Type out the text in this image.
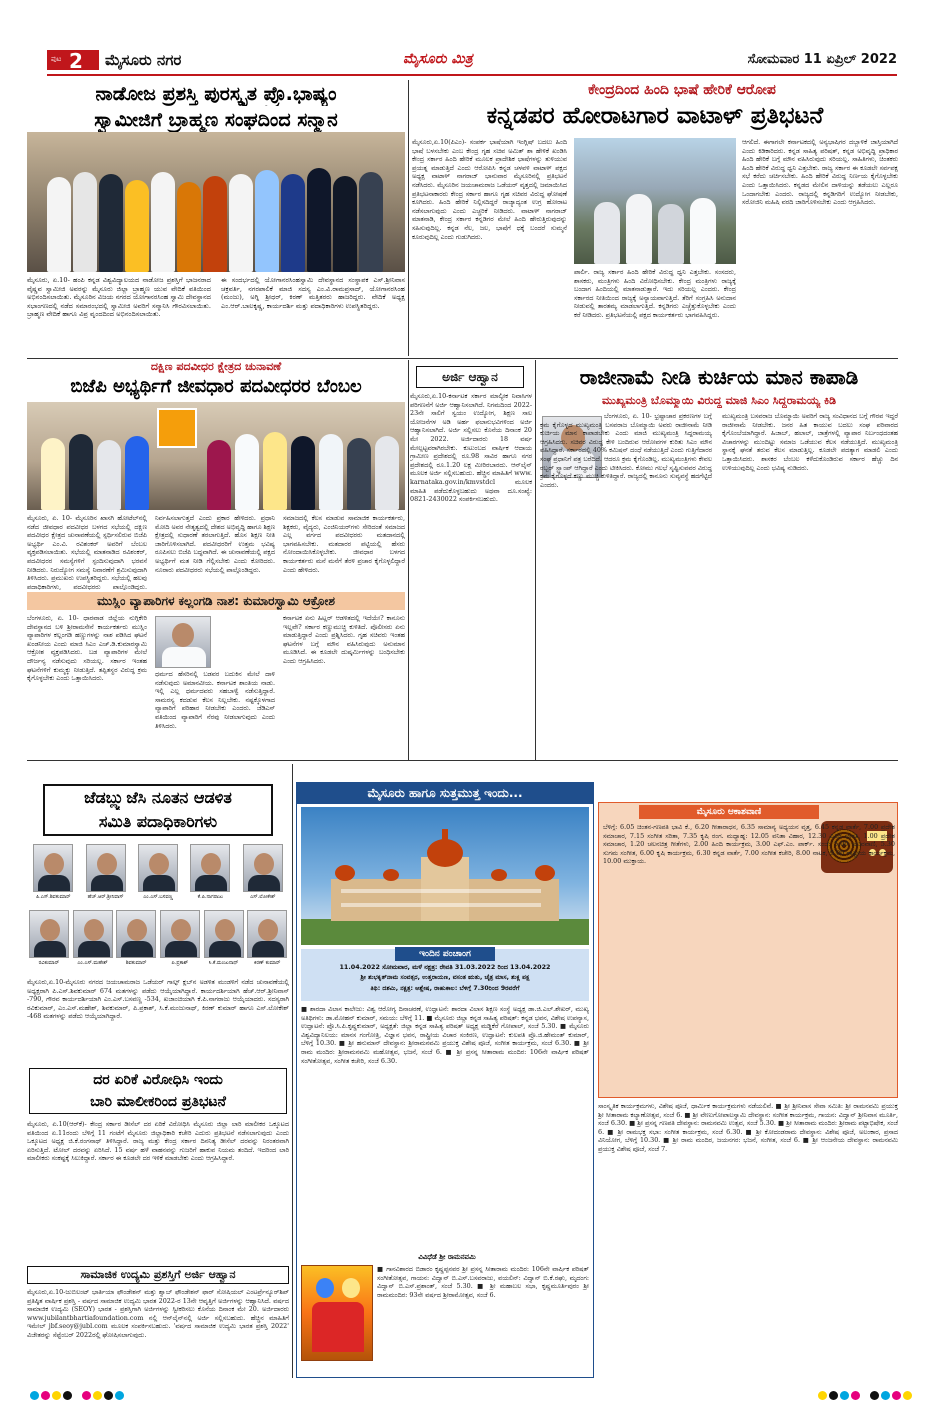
ಪುಟ 2 ಮೈಸೂರು ನಗರ	ಮೈಸೂರು ಮಿತ್ರ	ಸೋಮವಾರ 11 ಏಪ್ರಿಲ್ 2022
ನಾಡೋಜ ಪ್ರಶಸ್ತಿ ಪುರಸ್ಕೃತ ಪ್ರೊ.ಭಾಷ್ಯಂ
ಸ್ವಾಮೀಜಿಗೆ ಬ್ರಾಹ್ಮಣ ಸಂಘದಿಂದ ಸನ್ಮಾನ
ಮೈಸೂರು, ಏ.10- ಹಂಪಿ ಕನ್ನಡ ವಿಶ್ವವಿದ್ಯಾಲಯದ ನಾಡೋಜ ಪ್ರಶಸ್ತಿಗೆ ಭಾಜನರಾದ ವೈಷ್ಣವ ಸ್ವಾಮೀಜಿ ಅವರನ್ನು ಮೈಸೂರು ಜಿಲ್ಲಾ ಬ್ರಾಹ್ಮಣ ಯುವ ವೇದಿಕೆ ವತಿಯಿಂದ ಅಭಿನಂದಿಸಲಾಯಿತು. ಮೈಸೂರಿನ ವಿಜಯ ನಗರದ ಯೋಗಾನರಸಿಂಹ ಸ್ವಾಮಿ ದೇವಸ್ಥಾನದ ಸಭಾಂಗಣದಲ್ಲಿ ನಡೆದ ಸಮಾರಂಭದಲ್ಲಿ ಸ್ವಾಮೀಜಿ ಅವರಿಗೆ ಸನ್ಮಾನಿಸಿ ಗೌರವಿಸಲಾಯಿತು. ಬ್ರಾಹ್ಮಣ ವೇದಿಕೆ ಹಾಗೂ ವಿಪ್ರ ವೃಂದದಿಂದ ಅಭಿನಂದಿಸಲಾಯಿತು.
ಈ ಸಂದರ್ಭದಲ್ಲಿ ಯೋಗಾನರಸಿಂಹಸ್ವಾಮಿ ದೇವಸ್ಥಾನದ ಸಂಸ್ಥಾಪಕ ಎಸ್.ಶ್ರೀನಿವಾಸ ಚಕ್ರವರ್ತಿ, ನಗರಪಾಲಿಕೆ ಮಾಜಿ ಸದಸ್ಯ ಎಂ.ವಿ.ರಾಮಪ್ರಸಾದ್, ಯೋಗಾನರಸಿಂಹ (ಮಂಜು), ಅಗ್ನಿ ಶ್ರೀಧರ್, ಕಿರಣ್ ಮತ್ತಿತರರು ಹಾಜರಿದ್ದರು. ವೇದಿಕೆ ಅಧ್ಯಕ್ಷ ಎಂ.ಆರ್.ಬಾಲಕೃಷ್ಣ, ಕಾರ್ಯದರ್ಶಿ ಮತ್ತು ಪದಾಧಿಕಾರಿಗಳು ಉಪಸ್ಥಿತರಿದ್ದರು.
ಕೇಂದ್ರದಿಂದ ಹಿಂದಿ ಭಾಷೆ ಹೇರಿಕೆ ಆರೋಪ
ಕನ್ನಡಪರ ಹೋರಾಟಗಾರ ವಾಟಾಳ್ ಪ್ರತಿಭಟನೆ
ಮೈಸೂರು,ಏ.10(ಪಿಎಂ)- ಸಂಪರ್ಕ ಭಾಷೆಯಾಗಿ ಇಂಗ್ಲಿಷ್ ಬದಲು ಹಿಂದಿ ಭಾಷೆ ಬಳಸಬೇಕು ಎಂಬ ಕೇಂದ್ರ ಗೃಹ ಸಚಿವ ಅಮಿತ್ ಶಾ ಹೇಳಿಕೆ ಖಂಡಿಸಿ ಕೇಂದ್ರ ಸರ್ಕಾರ ಹಿಂದಿ ಹೇರಿಕೆ ಮೂಲಕ ಪ್ರಾದೇಶಿಕ ಭಾಷೆಗಳನ್ನು ತುಳಿಯುವ ಪ್ರಯತ್ನ ಮಾಡುತ್ತಿದೆ ಎಂದು ಆರೋಪಿಸಿ ಕನ್ನಡ ಚಳವಳಿ ವಾಟಾಳ್ ಪಕ್ಷದ ಅಧ್ಯಕ್ಷ ವಾಟಾಳ್ ನಾಗರಾಜ್ ಭಾನುವಾರ ಮೈಸೂರಿನಲ್ಲಿ ಪ್ರತಿಭಟನೆ ನಡೆಸಿದರು. ಮೈಸೂರಿನ ಜಯಚಾಮರಾಜ ಒಡೆಯರ್ ವೃತ್ತದಲ್ಲಿ ಜಮಾಯಿಸಿದ ಪ್ರತಿಭಟನಾಕಾರರು ಕೇಂದ್ರ ಸರ್ಕಾರ ಹಾಗೂ ಗೃಹ ಸಚಿವರ ವಿರುದ್ಧ ಘೋಷಣೆ ಕೂಗಿದರು. ಹಿಂದಿ ಹೇರಿಕೆ ನಿಲ್ಲಿಸದಿದ್ದರೆ ರಾಜ್ಯಾದ್ಯಂತ ಉಗ್ರ ಹೋರಾಟ ನಡೆಸಲಾಗುವುದು ಎಂದು ಎಚ್ಚರಿಕೆ ನೀಡಿದರು. ವಾಟಾಳ್ ನಾಗರಾಜ್ ಮಾತನಾಡಿ, ಕೇಂದ್ರ ಸರ್ಕಾರ ಕನ್ನಡಿಗರ ಮೇಲೆ ಹಿಂದಿ ಹೇರುತ್ತಿರುವುದನ್ನು ಸಹಿಸುವುದಿಲ್ಲ. ಕನ್ನಡ ನೆಲ, ಜಲ, ಭಾಷೆಗೆ ಧಕ್ಕೆ ಬಂದರೆ ಸುಮ್ಮನೆ ಕೂರುವುದಿಲ್ಲ ಎಂದು ಗುಡುಗಿದರು.
ಪಾರ್ಲಿ. ರಾಜ್ಯ ಸರ್ಕಾರ ಹಿಂದಿ ಹೇರಿಕೆ ವಿರುದ್ಧ ಧ್ವನಿ ಎತ್ತಬೇಕು. ಸಂಸದರು, ಶಾಸಕರು, ಮಂತ್ರಿಗಳು ಹಿಂದಿ ವಿರೋಧಿಸಬೇಕು. ಕೇಂದ್ರ ಮಂತ್ರಿಗಳು ರಾಜ್ಯಕ್ಕೆ ಬಂದಾಗ ಹಿಂದಿಯಲ್ಲಿ ಮಾತನಾಡುತ್ತಾರೆ. ಇದು ಸರಿಯಲ್ಲ ಎಂದರು. ಕೇಂದ್ರ ಸರ್ಕಾರದ ನೀತಿಯಿಂದ ರಾಜ್ಯಕ್ಕೆ ಅನ್ಯಾಯವಾಗುತ್ತಿದೆ. ತೆರಿಗೆ ಸಂಗ್ರಹಿಸಿ ಅನುದಾನ ನೀಡುವಲ್ಲಿ ತಾರತಮ್ಯ ಮಾಡಲಾಗುತ್ತಿದೆ. ಕನ್ನಡಿಗರು ಎಚ್ಚೆತ್ತುಕೊಳ್ಳಬೇಕು ಎಂದು ಕರೆ ನೀಡಿದರು. ಪ್ರತಿಭಟನೆಯಲ್ಲಿ ಪಕ್ಷದ ಕಾರ್ಯಕರ್ತರು ಭಾಗವಹಿಸಿದ್ದರು.
ಆಗಲಿದೆ. ಈಗಾಗಲೇ ಕರ್ನಾಟಕದಲ್ಲಿ ಅನ್ಯಭಾಷಿಗರ ದಬ್ಬಾಳಿಕೆ ಜಾಸ್ತಿಯಾಗಿದೆ ಎಂದು ಕಿಡಿಕಾರಿದರು. ಕನ್ನಡ ಸಾಹಿತ್ಯ ಪರಿಷತ್, ಕನ್ನಡ ಅಭಿವೃದ್ಧಿ ಪ್ರಾಧಿಕಾರ ಹಿಂದಿ ಹೇರಿಕೆ ಬಗ್ಗೆ ಮೌನ ವಹಿಸಿರುವುದು ಸರಿಯಲ್ಲ. ಸಾಹಿತಿಗಳು, ಚಿಂತಕರು ಹಿಂದಿ ಹೇರಿಕೆ ವಿರುದ್ಧ ಧ್ವನಿ ಎತ್ತಬೇಕು. ರಾಜ್ಯ ಸರ್ಕಾರ ಈ ಕೂಡಲೇ ಸರ್ವಪಕ್ಷ ಸಭೆ ಕರೆದು ಚರ್ಚಿಸಬೇಕು. ಹಿಂದಿ ಹೇರಿಕೆ ವಿರುದ್ಧ ನಿರ್ಣಯ ಕೈಗೊಳ್ಳಬೇಕು ಎಂದು ಒತ್ತಾಯಿಸಿದರು. ಕನ್ನಡದ ಮೇಲಿನ ದಾಳಿಯನ್ನು ತಡೆಯಲು ಎಲ್ಲರೂ ಒಂದಾಗಬೇಕು ಎಂದರು. ರಾಜ್ಯದಲ್ಲಿ ಕನ್ನಡಿಗರಿಗೆ ಉದ್ಯೋಗ ನೀಡಬೇಕು, ಸರೋಜಿನಿ ಮಹಿಷಿ ವರದಿ ಜಾರಿಗೊಳಿಸಬೇಕು ಎಂದು ಆಗ್ರಹಿಸಿದರು.
ದಕ್ಷಿಣ ಪದವೀಧರ ಕ್ಷೇತ್ರದ ಚುನಾವಣೆ
ಬಿಜೆಪಿ ಅಭ್ಯರ್ಥಿಗೆ ಜೀವಧಾರ ಪದವೀಧರರ ಬೆಂಬಲ
ಮೈಸೂರು, ಏ. 10- ಮೈಸೂರಿನ ಖಾಸಗಿ ಹೋಟೆಲ್‌ನಲ್ಲಿ ನಡೆದ ಜೀವಧಾರ ಪದವೀಧರ ಬಳಗದ ಸಭೆಯಲ್ಲಿ ದಕ್ಷಿಣ ಪದವೀಧರ ಕ್ಷೇತ್ರದ ಚುನಾವಣೆಯಲ್ಲಿ ಸ್ಪರ್ಧಿಸಲಿರುವ ಬಿಜೆಪಿ ಅಭ್ಯರ್ಥಿ ಎಂ.ವಿ. ರವಿಶಂಕರ್ ಅವರಿಗೆ ಬೆಂಬಲ ವ್ಯಕ್ತಪಡಿಸಲಾಯಿತು. ಸಭೆಯಲ್ಲಿ ಮಾತನಾಡಿದ ರವಿಶಂಕರ್, ಪದವೀಧರರ ಸಮಸ್ಯೆಗಳಿಗೆ ಸ್ಪಂದಿಸುವುದಾಗಿ ಭರವಸೆ ನೀಡಿದರು. ನಿರುದ್ಯೋಗ ಸಮಸ್ಯೆ ನಿವಾರಣೆಗೆ ಶ್ರಮಿಸುವುದಾಗಿ ತಿಳಿಸಿದರು. ಪ್ರಮುಖರು ಉಪಸ್ಥಿತರಿದ್ದರು. ಸಭೆಯಲ್ಲಿ ಹಲವು ಪದಾಧಿಕಾರಿಗಳು, ಪದವೀಧರರು ಪಾಲ್ಗೊಂಡಿದ್ದರು.
ನಿರ್ವಹಿಸಲಾಗುತ್ತದೆ ಎಂದು ಪ್ರಕಾರ ಹೇಳಿದರು. ಪ್ರಧಾನಿ ಮೋದಿ ಅವರ ನೇತೃತ್ವದಲ್ಲಿ ದೇಶದ ಅಭಿವೃದ್ಧಿ ಹಾಗೂ ಶಿಕ್ಷಣ ಕ್ಷೇತ್ರದಲ್ಲಿ ಸುಧಾರಣೆ ತರಲಾಗುತ್ತಿದೆ. ಹೊಸ ಶಿಕ್ಷಣ ನೀತಿ ಜಾರಿಗೊಳಿಸಲಾಗಿದೆ. ಪದವೀಧರರಿಗೆ ಉತ್ತಮ ಭವಿಷ್ಯ ರೂಪಿಸಲು ಬಿಜೆಪಿ ಬದ್ಧವಾಗಿದೆ. ಈ ಚುನಾವಣೆಯಲ್ಲಿ ಪಕ್ಷದ ಅಭ್ಯರ್ಥಿಗೆ ಮತ ನೀಡಿ ಗೆಲ್ಲಿಸಬೇಕು ಎಂದು ಕೋರಿದರು. ನೂರಾರು ಪದವೀಧರರು ಸಭೆಯಲ್ಲಿ ಪಾಲ್ಗೊಂಡಿದ್ದರು.
ಸಮಾಜದಲ್ಲಿ ಕೆಲಸ ಮಾಡುವ ಸಾಮಾಜಿಕ ಕಾರ್ಯಕರ್ತರು, ಶಿಕ್ಷಕರು, ವೈದ್ಯರು, ಎಂಜಿನಿಯರ್‌ಗಳು ಸೇರಿದಂತೆ ಸಮಾಜದ ಎಲ್ಲ ವರ್ಗದ ಪದವೀಧರರು ಮತದಾನದಲ್ಲಿ ಭಾಗವಹಿಸಬೇಕು. ಮತದಾರರ ಪಟ್ಟಿಯಲ್ಲಿ ಹೆಸರು ನೋಂದಾಯಿಸಿಕೊಳ್ಳಬೇಕು. ಜೀವಧಾರ ಬಳಗದ ಕಾರ್ಯಕರ್ತರು ಮನೆ ಮನೆಗೆ ತೆರಳಿ ಪ್ರಚಾರ ಕೈಗೊಳ್ಳಲಿದ್ದಾರೆ ಎಂದು ಹೇಳಿದರು.
ಅರ್ಜಿ ಆಹ್ವಾನ
ಮೈಸೂರು,ಏ.10-ಕರ್ನಾಟಕ ಸರ್ಕಾರ ಮಾಲ್ಯೀಕ ನಿವಾಸಿಗಳ ಪರಿಗಣನೆಗೆ ಅರ್ಜಿ ಆಹ್ವಾನಿಸಲಾಗಿದೆ. ನಿಗಮದಿಂದ 2022-23ನೇ ಸಾಲಿಗೆ ಸ್ವಯಂ ಉದ್ಯೋಗ, ಶಿಕ್ಷಣ ಸಾಲ ಯೋಜನೆಗಳ ಅಡಿ ಅರ್ಹ ಫಲಾನುಭವಿಗಳಿಂದ ಅರ್ಜಿ ಆಹ್ವಾನಿಸಲಾಗಿದೆ. ಅರ್ಜಿ ಸಲ್ಲಿಸಲು ಕೊನೆಯ ದಿನಾಂಕ 20 ಮೇ 2022. ಅರ್ಜಿದಾರರು 18 ವರ್ಷ ಮೇಲ್ಪಟ್ಟವರಾಗಿರಬೇಕು. ಕುಟುಂಬದ ವಾರ್ಷಿಕ ಆದಾಯ ಗ್ರಾಮೀಣ ಪ್ರದೇಶದಲ್ಲಿ ರೂ.98 ಸಾವಿರ ಹಾಗೂ ನಗರ ಪ್ರದೇಶದಲ್ಲಿ ರೂ.1.20 ಲಕ್ಷ ಮೀರಿರಬಾರದು. ಆನ್‌ಲೈನ್ ಮೂಲಕ ಅರ್ಜಿ ಸಲ್ಲಿಸಬಹುದು. ಹೆಚ್ಚಿನ ಮಾಹಿತಿಗೆ www. karnataka.gov.in/kmvstdcl ಮೂಲಕ ಮಾಹಿತಿ ಪಡೆದುಕೊಳ್ಳಬಹುದು ಅಥವಾ ದೂ.ಸಂಖ್ಯೆ: 0821-2430022 ಸಂಪರ್ಕಿಸಬಹುದು.
ರಾಜೀನಾಮೆ ನೀಡಿ ಕುರ್ಚಿಯ ಮಾನ ಕಾಪಾಡಿ
ಮುಖ್ಯಮಂತ್ರಿ ಬೊಮ್ಮಾಯಿ ವಿರುದ್ಧ ಮಾಜಿ ಸಿಎಂ ಸಿದ್ದರಾಮಯ್ಯ ಕಿಡಿ
ಬೆಂಗಳೂರು, ಏ. 10- ಭ್ರಷ್ಟಾಚಾರ ಪ್ರಕರಣಗಳ ಬಗ್ಗೆ ಕ್ರಮ ಕೈಗೊಳ್ಳದ ಮುಖ್ಯಮಂತ್ರಿ ಬಸವರಾಜ ಬೊಮ್ಮಾಯಿ ಅವರು ರಾಜೀನಾಮೆ ನೀಡಿ ಕುರ್ಚಿಯ ಮಾನ ಕಾಪಾಡಬೇಕು ಎಂದು ಮಾಜಿ ಮುಖ್ಯಮಂತ್ರಿ ಸಿದ್ದರಾಮಯ್ಯ ಆಗ್ರಹಿಸಿದರು. ಸಚಿವರ ವಿರುದ್ಧ ಕೇಳಿ ಬಂದಿರುವ ಆರೋಪಗಳ ಕುರಿತು ಸಿಎಂ ಮೌನ ವಹಿಸಿದ್ದಾರೆ. ಸರ್ಕಾರದಲ್ಲಿ 40% ಕಮಿಷನ್ ದಂಧೆ ನಡೆಯುತ್ತಿದೆ ಎಂದು ಗುತ್ತಿಗೆದಾರರ ಸಂಘ ಪ್ರಧಾನಿಗೆ ಪತ್ರ ಬರೆದಿದೆ. ಆದರೂ ಕ್ರಮ ಕೈಗೊಂಡಿಲ್ಲ. ಮುಖ್ಯಮಂತ್ರಿಗಳು ಕೇವಲ ರಬ್ಬರ್ ಸ್ಟ್ಯಾಂಪ್ ಆಗಿದ್ದಾರೆ ಎಂದು ಟೀಕಿಸಿದರು. ಕೋಮು ಗಲಭೆ ಸೃಷ್ಟಿಸುವವರ ವಿರುದ್ಧ ಕ್ರಮ ಕೈಗೊಳ್ಳದೆ ಕಣ್ಣು ಮುಚ್ಚಿ ಕುಳಿತಿದ್ದಾರೆ. ರಾಜ್ಯದಲ್ಲಿ ಕಾನೂನು ಸುವ್ಯವಸ್ಥೆ ಹದಗೆಟ್ಟಿದೆ ಎಂದರು.
ಮುಖ್ಯಮಂತ್ರಿ ಬಸವರಾಜ ಬೊಮ್ಮಾಯಿ ಅವರಿಗೆ ರಾಜ್ಯ ಸಂವಿಧಾನದ ಬಗ್ಗೆ ಗೌರವ ಇದ್ದರೆ ರಾಜೀನಾಮೆ ನೀಡಬೇಕು. ಜನರ ಹಿತ ಕಾಯುವ ಬದಲು ಸಂಘ ಪರಿವಾರದ ಕೈಗೊಂಬೆಯಾಗಿದ್ದಾರೆ. ಹಿಜಾಬ್, ಹಲಾಲ್, ಜಾತ್ರೆಗಳಲ್ಲಿ ವ್ಯಾಪಾರ ನಿರ್ಬಂಧದಂತಹ ವಿಚಾರಗಳನ್ನು ಮುಂದಿಟ್ಟು ಸಮಾಜ ಒಡೆಯುವ ಕೆಲಸ ನಡೆಯುತ್ತಿದೆ. ಮುಖ್ಯಮಂತ್ರಿ ಸ್ಥಾನಕ್ಕೆ ಘನತೆ ತರುವ ಕೆಲಸ ಮಾಡುತ್ತಿಲ್ಲ. ಕೂಡಲೇ ಪದತ್ಯಾಗ ಮಾಡಲಿ ಎಂದು ಒತ್ತಾಯಿಸಿದರು. ಶಾಸಕರ ಬೆಂಬಲ ಕಳೆದುಕೊಂಡಿರುವ ಸರ್ಕಾರ ಹೆಚ್ಚು ದಿನ ಉಳಿಯುವುದಿಲ್ಲ ಎಂದು ಭವಿಷ್ಯ ನುಡಿದರು.
ಮುಸ್ಲಿಂ ವ್ಯಾಪಾರಿಗಳ ಕಲ್ಲಂಗಡಿ ನಾಶ: ಕುಮಾರಸ್ವಾಮಿ ಆಕ್ರೋಶ
ಬೆಂಗಳೂರು, ಏ. 10- ಧಾರವಾಡ ಜಿಲ್ಲೆಯ ನುಗ್ಗಿಕೇರಿ ದೇವಸ್ಥಾನದ ಬಳಿ ಶ್ರೀರಾಮಸೇನೆ ಕಾರ್ಯಕರ್ತರು ಮುಸ್ಲಿಂ ವ್ಯಾಪಾರಿಗಳ ಕಲ್ಲಂಗಡಿ ಹಣ್ಣುಗಳನ್ನು ನಾಶ ಪಡಿಸಿದ ಘಟನೆ ಖಂಡನೀಯ ಎಂದು ಮಾಜಿ ಸಿಎಂ ಎಚ್.ಡಿ.ಕುಮಾರಸ್ವಾಮಿ ಆಕ್ರೋಶ ವ್ಯಕ್ತಪಡಿಸಿದರು. ಬಡ ವ್ಯಾಪಾರಿಗಳ ಮೇಲೆ ದೌರ್ಜನ್ಯ ನಡೆಸುವುದು ಸರಿಯಲ್ಲ. ಸರ್ಕಾರ ಇಂತಹ ಘಟನೆಗಳಿಗೆ ಕುಮ್ಮಕ್ಕು ನೀಡುತ್ತಿದೆ. ತಪ್ಪಿತಸ್ಥರ ವಿರುದ್ಧ ಕ್ರಮ ಕೈಗೊಳ್ಳಬೇಕು ಎಂದು ಒತ್ತಾಯಿಸಿದರು.
ಧರ್ಮದ ಹೆಸರಿನಲ್ಲಿ ಬಡವರ ಬದುಕಿನ ಮೇಲೆ ದಾಳಿ ನಡೆಸುವುದು ಅಮಾನವೀಯ. ಕರ್ನಾಟಕ ಶಾಂತಿಯ ನಾಡು. ಇಲ್ಲಿ ಎಲ್ಲ ಧರ್ಮದವರು ಸಹಬಾಳ್ವೆ ನಡೆಸುತ್ತಿದ್ದಾರೆ. ಸಾಮರಸ್ಯ ಕದಡುವ ಕೆಲಸ ನಿಲ್ಲಬೇಕು. ನಷ್ಟಕ್ಕೊಳಗಾದ ವ್ಯಾಪಾರಿಗೆ ಪರಿಹಾರ ನೀಡಬೇಕು ಎಂದರು. ಜೆಡಿಎಸ್ ವತಿಯಿಂದ ವ್ಯಾಪಾರಿಗೆ ನೆರವು ನೀಡಲಾಗುವುದು ಎಂದು ತಿಳಿಸಿದರು.
ಕರ್ನಾಟಕ ಏನು ಹಿಟ್ಲರ್ ಆಡಳಿತದಲ್ಲಿ ಇದೆಯೇ? ಕಾನೂನು ಇಲ್ಲವೇ? ಸರ್ಕಾರ ಕಣ್ಣುಮುಚ್ಚಿ ಕುಳಿತಿದೆ. ಪೊಲೀಸರು ಏನು ಮಾಡುತ್ತಿದ್ದಾರೆ ಎಂದು ಪ್ರಶ್ನಿಸಿದರು. ಗೃಹ ಸಚಿವರು ಇಂತಹ ಘಟನೆಗಳ ಬಗ್ಗೆ ಮೌನ ವಹಿಸಿರುವುದು ಅನುಮಾನ ಮೂಡಿಸಿದೆ. ಈ ಕೂಡಲೇ ದುಷ್ಕರ್ಮಿಗಳನ್ನು ಬಂಧಿಸಬೇಕು ಎಂದು ಆಗ್ರಹಿಸಿದರು.
ಜೆಡಬ್ಲ್ಯುಜೆಸಿ ನೂತನ ಆಡಳಿತ
ಸಮಿತಿ ಪದಾಧಿಕಾರಿಗಳು
ಪಿ.ಎಸ್.ಶಿವಕುಮಾರ್	ಹೆಚ್.ಆರ್.ಶ್ರೀನಿವಾಸ್	ಎಂ.ಎಸ್.ಬಸವಣ್ಣ	ಕೆ.ಪಿ.ನಾಗರಾಜು	ಎಸ್.ಲೋಕೇಶ್
ರವಿಕುಮಾರ್	ಎಂ.ಎಸ್.ಮಹೇಶ್	ಶಿವಕುಮಾರ್	ಪಿ.ಪ್ರಕಾಶ್	ಸಿ.ಕೆ.ಮಂಜುನಾಥ್	ಕಿರಣ್ ಕುಮಾರ್
ಮೈಸೂರು,ಏ.10-ಮೈಸೂರು ನಗರದ ಜಯಚಾಮರಾಜ ಒಡೆಯರ್ ಗಾಲ್ಫ್ ಕ್ಲಬ್‌ನ ಅಡಳಿತ ಮಂಡಳಿಗೆ ನಡೆದ ಚುನಾವಣೆಯಲ್ಲಿ ಅಧ್ಯಕ್ಷರಾಗಿ ಪಿ.ಎಸ್.ಶಿವಕುಮಾರ್ 674 ಮತಗಳನ್ನು ಪಡೆದು ಆಯ್ಕೆಯಾಗಿದ್ದಾರೆ. ಕಾರ್ಯದರ್ಶಿಯಾಗಿ ಹೆಚ್.ಆರ್.ಶ್ರೀನಿವಾಸ್ -790, ಗೌರವ ಕಾರ್ಯದರ್ಶಿಯಾಗಿ ಎಂ.ಎಸ್.ಬಸವಣ್ಣ -534, ಖಜಾಂಚಿಯಾಗಿ ಕೆ.ಪಿ.ನಾಗರಾಜು ಆಯ್ಕೆಯಾದರು. ಸದಸ್ಯರಾಗಿ ರವಿಕುಮಾರ್, ಎಂ.ಎಸ್.ಮಹೇಶ್, ಶಿವಕುಮಾರ್, ಪಿ.ಪ್ರಕಾಶ್, ಸಿ.ಕೆ.ಮಂಜುನಾಥ್, ಕಿರಣ್ ಕುಮಾರ್ ಹಾಗೂ ಎಸ್.ಲೋಕೇಶ್ -468 ಮತಗಳನ್ನು ಪಡೆದು ಆಯ್ಕೆಯಾಗಿದ್ದಾರೆ.
ದರ ಏರಿಕೆ ವಿರೋಧಿಸಿ ಇಂದು
ಬಾರಿ ಮಾಲೀಕರಿಂದ ಪ್ರತಿಭಟನೆ
ಮೈಸೂರು, ಏ.10(ಆರ್‌ಕೆ)- ಕೇಂದ್ರ ಸರ್ಕಾರ ಡೀಸೆಲ್ ದರ ಏರಿಕೆ ವಿರೋಧಿಸಿ ಮೈಸೂರು ಜಿಲ್ಲಾ ಲಾರಿ ಮಾಲೀಕರ ಒಕ್ಕೂಟದ ವತಿಯಿಂದ ಏ.11ರಂದು ಬೆಳಿಗ್ಗೆ 11 ಗಂಟೆಗೆ ಮೈಸೂರು ಜಿಲ್ಲಾಧಿಕಾರಿ ಕಚೇರಿ ಎದುರು ಪ್ರತಿಭಟನೆ ನಡೆಸಲಾಗುವುದು ಎಂದು ಒಕ್ಕೂಟದ ಅಧ್ಯಕ್ಷ ಜಿ.ಕೆ.ರಂಗನಾಥ್ ತಿಳಿಸಿದ್ದಾರೆ. ರಾಜ್ಯ ಮತ್ತು ಕೇಂದ್ರ ಸರ್ಕಾರ ದಿನನಿತ್ಯ ಡೀಸೆಲ್ ದರವನ್ನು ನಿರಂತರವಾಗಿ ಏರಿಸುತ್ತಿದೆ. ಟೋಲ್ ದರವನ್ನು ಏರಿಸಿದೆ. 15 ವರ್ಷ ಹಳೆ ವಾಹನವನ್ನು ಗುಜರಿಗೆ ಹಾಕುವ ನಿಯಮ ತಂದಿದೆ. ಇದರಿಂದ ಲಾರಿ ಮಾಲೀಕರು ಸಂಕಷ್ಟಕ್ಕೆ ಸಿಲುಕಿದ್ದಾರೆ. ಸರ್ಕಾರ ಈ ಕೂಡಲೇ ದರ ಇಳಿಕೆ ಮಾಡಬೇಕು ಎಂದು ಆಗ್ರಹಿಸಿದ್ದಾರೆ.
ಸಾಮಾಜಿಕ ಉದ್ಯಮಿ ಪ್ರಶಸ್ತಿಗೆ ಅರ್ಜಿ ಆಹ್ವಾನ
ಮೈಸೂರು,ಏ.10-ಜುಬಿಲಂಟ್ ಭಾರ್ತಿಯಾ ಫೌಂಡೇಶನ್ ಮತ್ತು ಶ್ವಾಬ್ ಫೌಂಡೇಶನ್ ಫಾರ್ ಸೋಷಿಯಲ್ ಎಂಟರ್ಪ್ರೆನ್ಯೂರ್‌ಶಿಪ್ ಪ್ರತಿಷ್ಠಿತ ವಾರ್ಷಿಕ ಪ್ರಶಸ್ತಿ - ವರ್ಷದ ಸಾಮಾಜಿಕ ಉದ್ಯಮಿ ಭಾರತ 2022-ರ 13ನೇ ಆವೃತ್ತಿಗೆ ಅರ್ಜಿಗಳನ್ನು ಆಹ್ವಾನಿಸಿದೆ. ವರ್ಷದ ಸಾಮಾಜಿಕ ಉದ್ಯಮಿ (SEOY) ಭಾರತ - ಪ್ರಶಸ್ತಿಗಾಗಿ ಅರ್ಜಿಗಳನ್ನು ಸ್ವೀಕರಿಸಲು ಕೊನೆಯ ದಿನಾಂಕ ಮೇ 20. ಅರ್ಜಿದಾರರು www.jubilantbhartiafoundation.com ನಲ್ಲಿ ಆನ್‌ಲೈನ್‌ನಲ್ಲಿ ಅರ್ಜಿ ಸಲ್ಲಿಸಬಹುದು. ಹೆಚ್ಚಿನ ಮಾಹಿತಿಗೆ ಇಮೇಲ್ jbf.seoy@jubl.com ಮೂಲಕ ಸಂಪರ್ಕಿಸಬಹುದು. 'ವರ್ಷದ ಸಾಮಾಜಿಕ ಉದ್ಯಮಿ ಭಾರತ ಪ್ರಶಸ್ತಿ 2022' ವಿಜೇತರನ್ನು ಸೆಪ್ಟೆಂಬರ್ 2022ರಲ್ಲಿ ಘೋಷಿಸಲಾಗುವುದು.
ಇಂದಿನ ಪಂಚಾಂಗ
11.04.2022 ಸೋಮವಾರ, ಮಳೆ ನಕ್ಷತ್ರ: ರೇವತಿ 31.03.2022 ರಿಂದ 13.04.2022
ಶ್ರೀ ಶುಭಕೃತ್‌ನಾಮ ಸಂವತ್ಸರ, ಉತ್ತರಾಯಣ, ವಸಂತ ಋತು, ಚೈತ್ರ ಮಾಸ, ಶುಕ್ಲ ಪಕ್ಷ
ತಿಥಿ: ದಶಮಿ, ನಕ್ಷತ್ರ: ಆಶ್ಲೇಷ, ರಾಹುಕಾಲ: ಬೆಳಿಗ್ಗೆ 7.30ರಿಂದ 9ರವರೆಗೆ
■ ಶಾರದಾ ವಿಲಾಸ ಕಾಲೇಜು: ವಿಶ್ವ ಆರೋಗ್ಯ ದಿನಾಚರಣೆ, ಉದ್ಘಾಟನೆ: ಶಾರದಾ ವಿಲಾಸ ಶಿಕ್ಷಣ ಸಂಸ್ಥೆ ಅಧ್ಯಕ್ಷ ಡಾ.ಜಿ.ಎಲ್.ಶೇಖರ್, ಮುಖ್ಯ ಅತಿಥಿಗಳು: ಡಾ.ಮೋಹನ್ ಕುಮಾರ್, ಸಮಯ: ಬೆಳಿಗ್ಗೆ 11. ■ ಮೈಸೂರು ಜಿಲ್ಲಾ ಕನ್ನಡ ಸಾಹಿತ್ಯ ಪರಿಷತ್: ಕನ್ನಡ ಭವನ, ವಿಶೇಷ ಉಪನ್ಯಾಸ, ಉದ್ಘಾಟನೆ: ಪ್ರೊ.ಸಿ.ಪಿ.ಕೃಷ್ಣಕುಮಾರ್, ಅಧ್ಯಕ್ಷತೆ: ಜಿಲ್ಲಾ ಕನ್ನಡ ಸಾಹಿತ್ಯ ಪರಿಷತ್ ಅಧ್ಯಕ್ಷ ಮಡ್ಡಿಕೆರೆ ಗೋಪಾಲ್, ಸಂಜೆ 5.30. ■ ಮೈಸೂರು ವಿಶ್ವವಿದ್ಯಾನಿಲಯ: ಮಾನಸ ಗಂಗೋತ್ರಿ, ವಿಜ್ಞಾನ ಭವನ, ರಾಷ್ಟ್ರೀಯ ವಿಚಾರ ಸಂಕಿರಣ, ಉದ್ಘಾಟನೆ: ಕುಲಪತಿ ಪ್ರೊ.ಜಿ.ಹೇಮಂತ್ ಕುಮಾರ್, ಬೆಳಿಗ್ಗೆ 10.30. ■ ಶ್ರೀ ಹನುಮಾನ್ ದೇವಸ್ಥಾನ: ಶ್ರೀರಾಮನವಮಿ ಪ್ರಯುಕ್ತ ವಿಶೇಷ ಪೂಜೆ, ಸಂಗೀತ ಕಾರ್ಯಕ್ರಮ, ಸಂಜೆ 6.30. ■ ಶ್ರೀ ರಾಮ ಮಂದಿರ: ಶ್ರೀರಾಮನವಮಿ ಮಹೋತ್ಸವ, ಭಜನೆ, ಸಂಜೆ 6. ■ ಶ್ರೀ ಪ್ರಸನ್ನ ಸೀತಾರಾಮ ಮಂದಿರ: 106ನೇ ವಾರ್ಷಿಕ ಪರಿಷತ್ ಸಂಗೀತೋತ್ಸವ, ಸಂಗೀತ ಕಚೇರಿ, ಸಂಜೆ 6.30.
ವಿವಿಧೆಡೆ ಶ್ರೀ ರಾಮನವಮಿ
■ ಗಾನವಿಶಾರದ ಬಿಡಾರಂ ಕೃಷ್ಣಪ್ಪನವರ ಶ್ರೀ ಪ್ರಸನ್ನ ಸೀತಾರಾಮ ಮಂದಿರ: 106ನೇ ವಾರ್ಷಿಕ ಪರಿಷತ್ ಸಂಗೀತೋತ್ಸವ, ಗಾಯನ: ವಿದ್ವಾನ್ ಬಿ.ಎಸ್.ಬಸವರಾಜು, ವಯಲಿನ್: ವಿದ್ವಾನ್ ಬಿ.ಕೆ.ರಘು, ಮೃದಂಗ: ವಿದ್ವಾನ್ ಬಿ.ಎಸ್.ಪ್ರಶಾಂತ್, ಸಂಜೆ 5.30. ■ ಶ್ರೀ ಮಹಾಬಲ ಸಭಾ, ಕೃಷ್ಣಮೂರ್ತಿಪುರಂ ಶ್ರೀ ರಾಮಮಂದಿರ: 93ನೇ ವರ್ಷದ ಶ್ರೀರಾಮೋತ್ಸವ, ಸಂಜೆ 6.
ಮೈಸೂರು ಹಾಗೂ ಸುತ್ತಮುತ್ತ ಇಂದು...
ಮೈಸೂರು ಆಕಾಶವಾಣಿ
ಬೆಳಿಗ್ಗೆ: 6.05 ಚಿಂತನ-ಗಣಪತಿ ಭಾವಿ ಕೆ., 6.20 ಗೀತಾರಾಧನ, 6.35 ಸಾಮಾನ್ಯ ಅಧ್ಯಯನ ವೃತ್ತ, 6.45 ಕನ್ನಡ ವಾರ್ತೆ, 7.00 ಪ್ರದೇಶ ಸಮಾಚಾರ, 7.15 ಸಂಗೀತ ಸರಿತಾ, 7.35 ಕೃಷಿ ರಂಗ. ಮಧ್ಯಾಹ್ನ: 12.05 ವನಿತಾ ವಿಹಾರ, 12.30 ವಿವಿಧ ಭಾರತಿ, 1.00 ಪ್ರದೇಶ ಸಮಾಚಾರ, 1.20 ಚಲನಚಿತ್ರ ಗೀತೆಗಳು, 2.00 ಹಿಂದಿ ಕಾರ್ಯಕ್ರಮ, 3.00 ಎಫ್.ಎಂ. ಪಾರ್ಕ್. ಸಂಜೆ: 5.00 ಯುವವಾಣಿ, 5.30 ಸುಗಮ ಸಂಗೀತ, 6.00 ಕೃಷಿ ಕಾರ್ಯಕ್ರಮ, 6.30 ಕನ್ನಡ ವಾರ್ತೆ, 7.00 ಸಂಗೀತ ಕಚೇರಿ, 8.00 ನಾಟಕ, 9.00 ರಾಷ್ಟ್ರೀಯ ಕಾರ್ಯಕ್ರಮ, 10.00 ಮುಕ್ತಾಯ.
ಸಾಂಸ್ಕೃತಿಕ ಕಾರ್ಯಕ್ರಮಗಳು, ವಿಶೇಷ ಪೂಜೆ, ಧಾರ್ಮಿಕ ಕಾರ್ಯಕ್ರಮಗಳು ನಡೆಯಲಿವೆ. ■ ಶ್ರೀ ಶ್ರೀನಿವಾಸ ಸೇವಾ ಸಮಿತಿ: ಶ್ರೀ ರಾಮನವಮಿ ಪ್ರಯುಕ್ತ ಶ್ರೀ ಸೀತಾರಾಮ ಕಲ್ಯಾಣೋತ್ಸವ, ಸಂಜೆ 6. ■ ಶ್ರೀ ವೇಣುಗೋಪಾಲಸ್ವಾಮಿ ದೇವಸ್ಥಾನ: ಸಂಗೀತ ಕಾರ್ಯಕ್ರಮ, ಗಾಯನ: ವಿದ್ವಾನ್ ಶ್ರೀನಿವಾಸ ಮೂರ್ತಿ, ಸಂಜೆ 6.30. ■ ಶ್ರೀ ಪ್ರಸನ್ನ ಗಣಪತಿ ದೇವಸ್ಥಾನ: ರಾಮನವಮಿ ಉತ್ಸವ, ಸಂಜೆ 5.30. ■ ಶ್ರೀ ಸೀತಾರಾಮ ಮಂದಿರ: ಶ್ರೀರಾಮ ಪಟ್ಟಾಭಿಷೇಕ, ಸಂಜೆ 6. ■ ಶ್ರೀ ರಾಮಭಕ್ತ ಸಭಾ: ಸಂಗೀತ ಕಾರ್ಯಕ್ರಮ, ಸಂಜೆ 6.30. ■ ಶ್ರೀ ಕೋದಂಡರಾಮ ದೇವಸ್ಥಾನ: ವಿಶೇಷ ಪೂಜೆ, ಅಲಂಕಾರ, ಪ್ರಸಾದ ವಿನಿಯೋಗ, ಬೆಳಿಗ್ಗೆ 10.30. ■ ಶ್ರೀ ರಾಮ ಮಂದಿರ, ಜಯನಗರ: ಭಜನೆ, ಸಂಗೀತ, ಸಂಜೆ 6. ■ ಶ್ರೀ ಆಂಜನೇಯ ದೇವಸ್ಥಾನ: ರಾಮನವಮಿ ಪ್ರಯುಕ್ತ ವಿಶೇಷ ಪೂಜೆ, ಸಂಜೆ 7.
